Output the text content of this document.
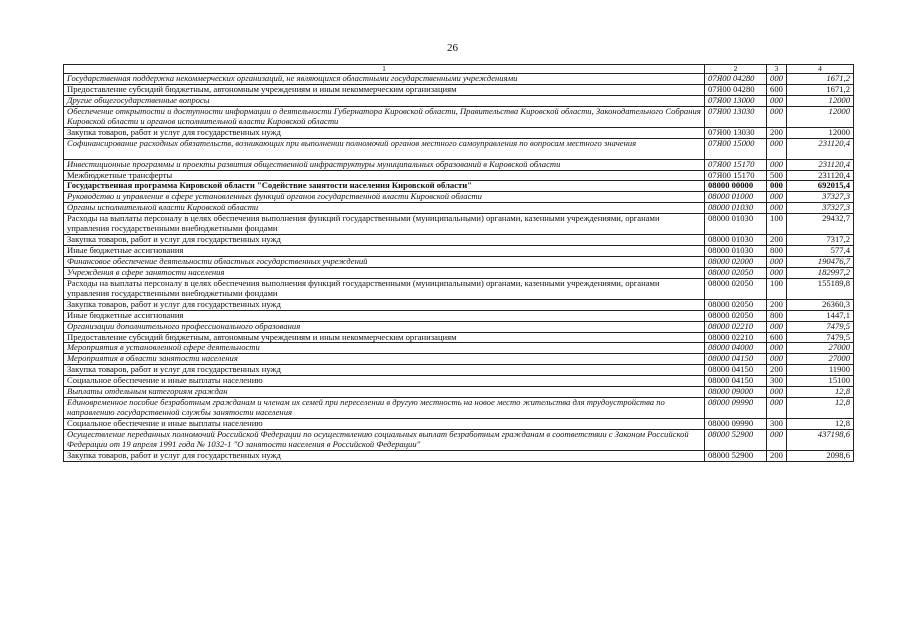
26
1	2	3	4
Государственная поддержка некоммерческих организаций, не являющихся областными государственными учреждениями	07Я00 04280	000	1671,2
Предоставление субсидий бюджетным, автономным учреждениям и иным некоммерческим организациям	07Я00 04280	600	1671,2
Другие общегосударственные вопросы	07Я00 13000	000	12000
Обеспечение открытости и доступности информации о деятельности Губернатора Кировской области, Правительства Кировской области, Законодательного Собрания Кировской области и органов исполнительной власти Кировской области	07Я00 13030	000	12000
Закупка товаров, работ и услуг для государственных нужд	07Я00 13030	200	12000
Софинансирование расходных обязательств, возникающих при выполнении полномочий органов местного самоуправления по вопросам местного значения	07Я00 15000	000	231120,4
Инвестиционные программы и проекты развития общественной инфраструктуры муниципальных образований в Кировской области	07Я00 15170	000	231120,4
Межбюджетные трансферты	07Я00 15170	500	231120,4
Государственная программа Кировской области "Содействие занятости населения Кировской области"	08000 00000	000	692015,4
Руководство и управление в сфере установленных функций органов государственной власти Кировской области	08000 01000	000	37327,3
Органы исполнительной власти Кировской области	08000 01030	000	37327,3
Расходы на выплаты персоналу в целях обеспечения выполнения функций государственными (муниципальными) органами, казенными учреждениями, органами управления государственными внебюджетными фондами	08000 01030	100	29432,7
Закупка товаров, работ и услуг для государственных нужд	08000 01030	200	7317,2
Иные бюджетные ассигнования	08000 01030	800	577,4
Финансовое обеспечение деятельности областных государственных учреждений	08000 02000	000	190476,7
Учреждения в сфере занятости населения	08000 02050	000	182997,2
Расходы на выплаты персоналу в целях обеспечения выполнения функций государственными (муниципальными) органами, казенными учреждениями, органами управления государственными внебюджетными фондами	08000 02050	100	155189,8
Закупка товаров, работ и услуг для государственных нужд	08000 02050	200	26360,3
Иные бюджетные ассигнования	08000 02050	800	1447,1
Организации дополнительного профессионального образования	08000 02210	000	7479,5
Предоставление субсидий бюджетным, автономным учреждениям и иным некоммерческим организациям	08000 02210	600	7479,5
Мероприятия в установленной сфере деятельности	08000 04000	000	27000
Мероприятия в области занятости населения	08000 04150	000	27000
Закупка товаров, работ и услуг для государственных нужд	08000 04150	200	11900
Социальное обеспечение и иные выплаты населению	08000 04150	300	15100
Выплаты отдельным категориям граждан	08000 09000	000	12,8
Единовременное пособие безработным гражданам и членам их семей при переселении в другую местность на новое место жительства для трудоустройства по направлению государственной службы занятости населения	08000 09990	000	12,8
Социальное обеспечение и иные выплаты населению	08000 09990	300	12,8
Осуществление переданных полномочий Российской Федерации по осуществлению социальных выплат безработным гражданам в соответствии с Законом Российской Федерации от 19 апреля 1991 года № 1032-1 "О занятости населения в Российской Федерации"	08000 52900	000	437198,6
Закупка товаров, работ и услуг для государственных нужд	08000 52900	200	2098,6
